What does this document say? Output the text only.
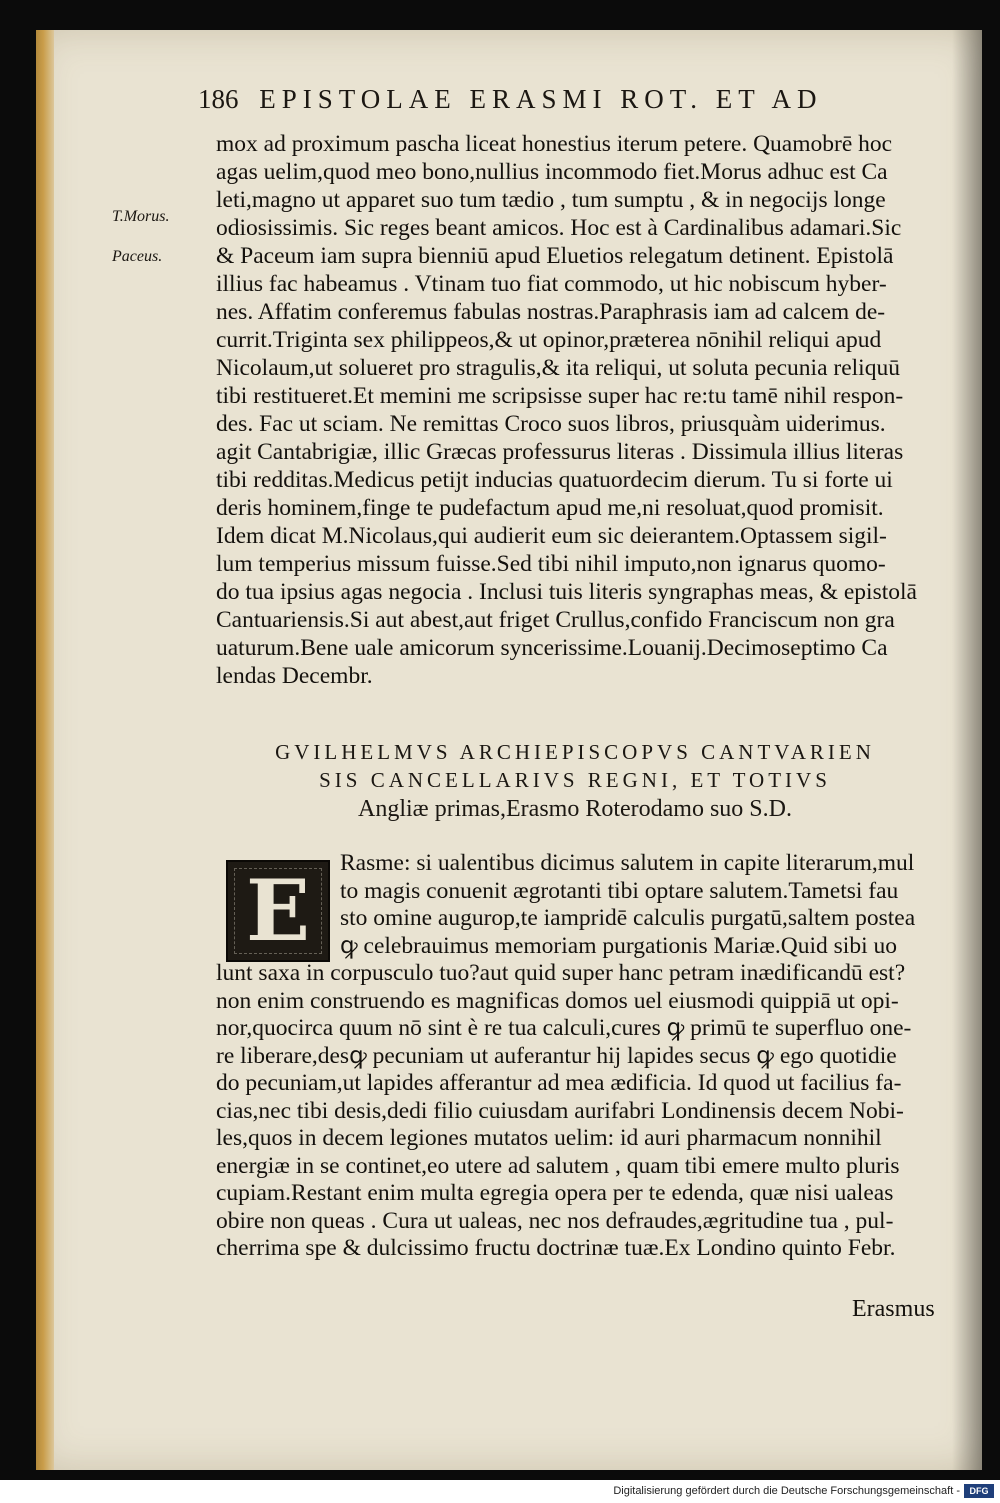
186 EPISTOLAE ERASMI ROT. ET AD
T.Morus.
Paceus.
mox ad proximum pascha liceat honestius iterum petere. Quamobrē hoc
agas uelim,quod meo bono,nullius incommodo fiet.Morus adhuc est Ca
leti,magno ut apparet suo tum tædio , tum sumptu , & in negocijs longe
odiosissimis. Sic reges beant amicos. Hoc est à Cardinalibus adamari.Sic
& Paceum iam supra bienniū apud Eluetios relegatum detinent. Epistolā
illius fac habeamus . Vtinam tuo fiat commodo, ut hic nobiscum hyber-
nes. Affatim conferemus fabulas nostras.Paraphrasis iam ad calcem de-
currit.Triginta sex philippeos,& ut opinor,præterea nōnihil reliqui apud
Nicolaum,ut solueret pro stragulis,& ita reliqui, ut soluta pecunia reliquū
tibi restitueret.Et memini me scripsisse super hac re:tu tamē nihil respon-
des. Fac ut sciam. Ne remittas Croco suos libros, priusquàm uiderimus.
agit Cantabrigiæ, illic Græcas professurus literas . Dissimula illius literas
tibi redditas.Medicus petijt inducias quatuordecim dierum. Tu si forte ui
deris hominem,finge te pudefactum apud me,ni resoluat,quod promisit.
Idem dicat M.Nicolaus,qui audierit eum sic deierantem.Optassem sigil-
lum temperius missum fuisse.Sed tibi nihil imputo,non ignarus quomo-
do tua ipsius agas negocia . Inclusi tuis literis syngraphas meas, & epistolā
Cantuariensis.Si aut abest,aut friget Crullus,confido Franciscum non gra
uaturum.Bene uale amicorum syncerissime.Louanij.Decimoseptimo Ca
lendas Decembr.
GVILHELMVS ARCHIEPISCOPVS CANTVARIEN
SIS CANCELLARIVS REGNI, ET TOTIVS
Angliæ primas,Erasmo Roterodamo suo S.D.
E	Rasme: si ualentibus dicimus salutem in capite literarum,mul
to magis conuenit ægrotanti tibi optare salutem.Tametsi fau
sto omine augurор,te iampridē calculis purgatū,saltem postea
ꝙ celebrauimus memoriam purgationis Mariæ.Quid sibi uo
lunt saxa in corpusculo tuo?aut quid super hanc petram inædificandū est?
non enim construendo es magnificas domos uel eiusmodi quippiā ut opi-
nor,quocirca quum nō sint è re tua calculi,cures ꝙ primū te superfluo one-
re liberare,desꝙ pecuniam ut auferantur hij lapides secus ꝙ ego quotidie
do pecuniam,ut lapides afferantur ad mea ædificia. Id quod ut facilius fa-
cias,nec tibi desis,dedi filio cuiusdam aurifabri Londinensis decem Nobi-
les,quos in decem legiones mutatos uelim: id auri pharmacum nonnihil
energiæ in se continet,eo utere ad salutem , quam tibi emere multo pluris
cupiam.Restant enim multa egregia opera per te edenda, quæ nisi ualeas
obire non queas . Cura ut ualeas, nec nos defraudes,ægritudine tua , pul-
cherrima spe & dulcissimo fructu doctrinæ tuæ.Ex Londino quinto Febr.
Erasmus
Digitalisierung gefördert durch die Deutsche Forschungsgemeinschaft -	DFG
